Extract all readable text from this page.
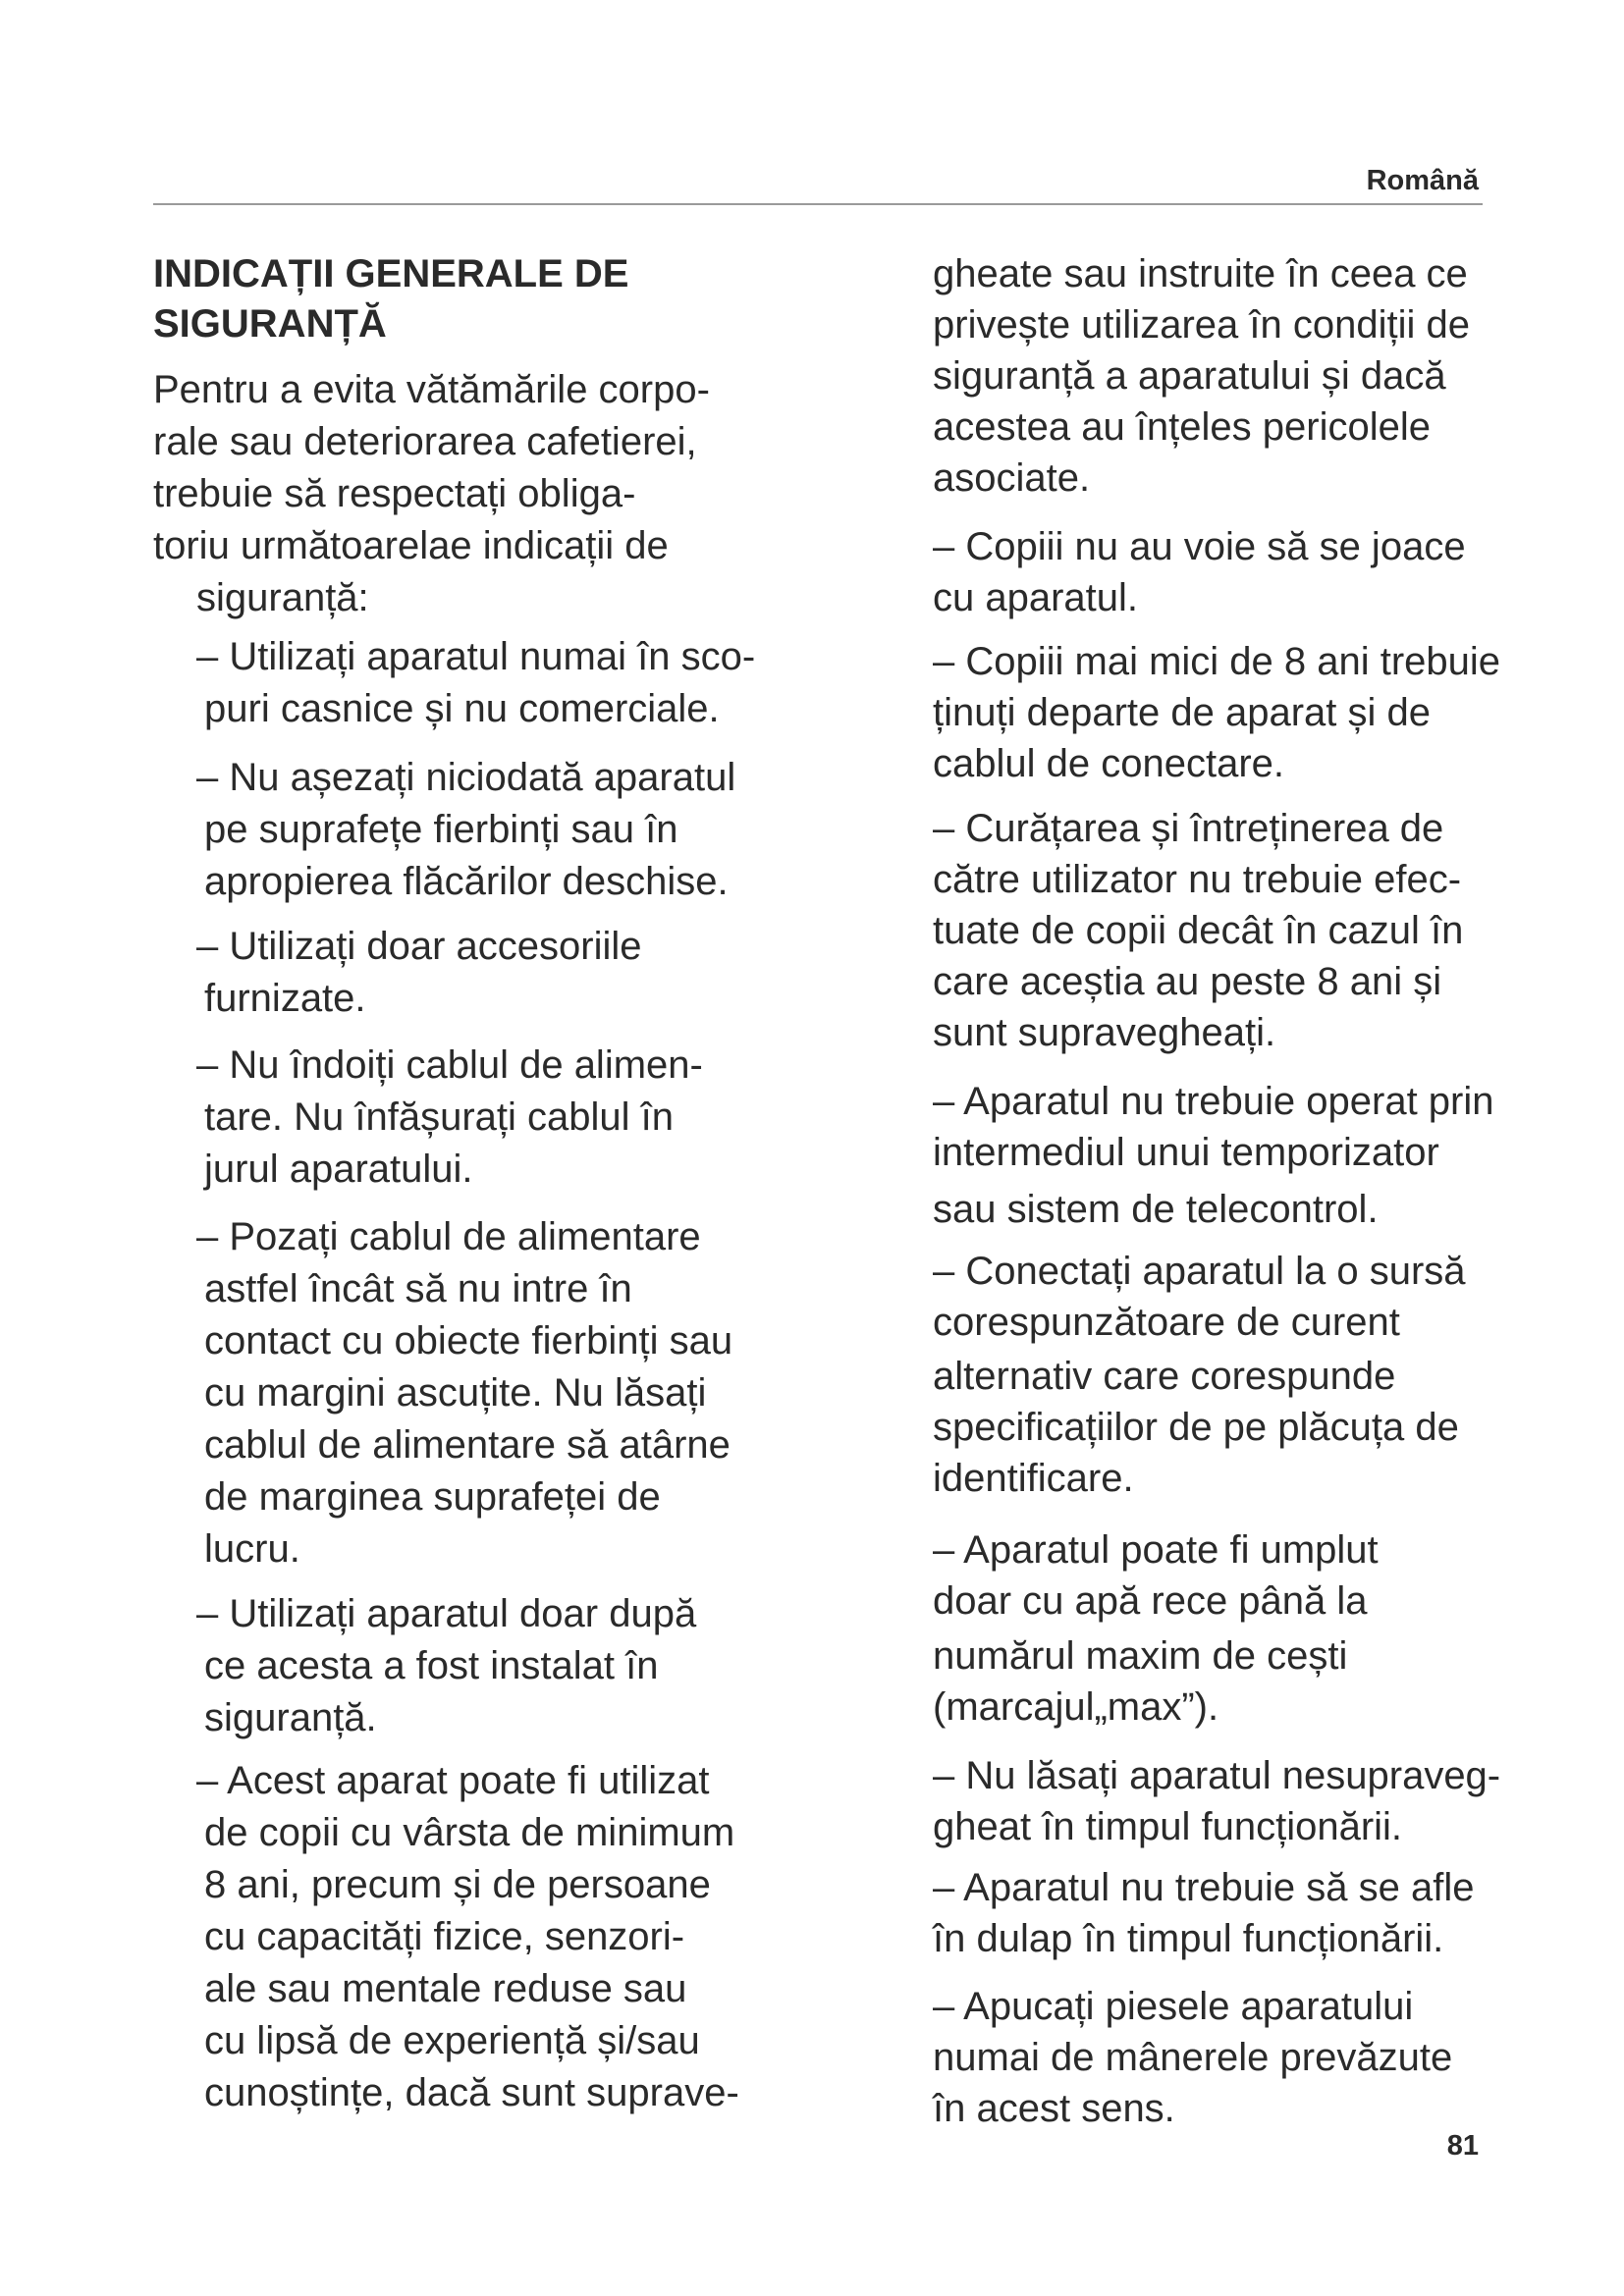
Română
INDICAȚII GENERALE DE
SIGURANȚĂ
Pentru a evita vătămările corpo-
rale sau deteriorarea cafetierei,
trebuie să respectați obliga-
toriu următoarelae indicații de
siguranță:
– Utilizați aparatul numai în sco-
puri casnice și nu comerciale.
– Nu așezați niciodată aparatul
pe suprafețe fierbinți sau în
apropierea flăcărilor deschise.
– Utilizați doar accesoriile
furnizate.
– Nu îndoiți cablul de alimen-
tare. Nu înfășurați cablul în
jurul aparatului.
– Pozați cablul de alimentare
astfel încât să nu intre în
contact cu obiecte fierbinți sau
cu margini ascuțite. Nu lăsați
cablul de alimentare să atârne
de marginea suprafeței de
lucru.
– Utilizați aparatul doar după
ce acesta a fost instalat în
siguranță.
– Acest aparat poate fi utilizat
de copii cu vârsta de minimum
8 ani, precum și de persoane
cu capacități fizice, senzori-
ale sau mentale reduse sau
cu lipsă de experiență și/sau
cunoștințe, dacă sunt suprave-
gheate sau instruite în ceea ce
privește utilizarea în condiții de
siguranță a aparatului și dacă
acestea au înțeles pericolele
asociate.
– Copiii nu au voie să se joace
cu aparatul.
– Copiii mai mici de 8 ani trebuie
ținuți departe de aparat și de
cablul de conectare.
– Curățarea și întreținerea de
către utilizator nu trebuie efec-
tuate de copii decât în cazul în
care aceștia au peste 8 ani și
sunt supravegheați.
– Aparatul nu trebuie operat prin
intermediul unui temporizator
sau sistem de telecontrol.
– Conectați aparatul la o sursă
corespunzătoare de curent
alternativ care corespunde
specificațiilor de pe plăcuța de
identificare.
– Aparatul poate fi umplut
doar cu apă rece până la
numărul maxim de cești
(marcajul„max”).
– Nu lăsați aparatul nesupraveg-
gheat în timpul funcționării.
– Aparatul nu trebuie să se afle
în dulap în timpul funcționării.
– Apucați piesele aparatului
numai de mânerele prevăzute
în acest sens.
81
